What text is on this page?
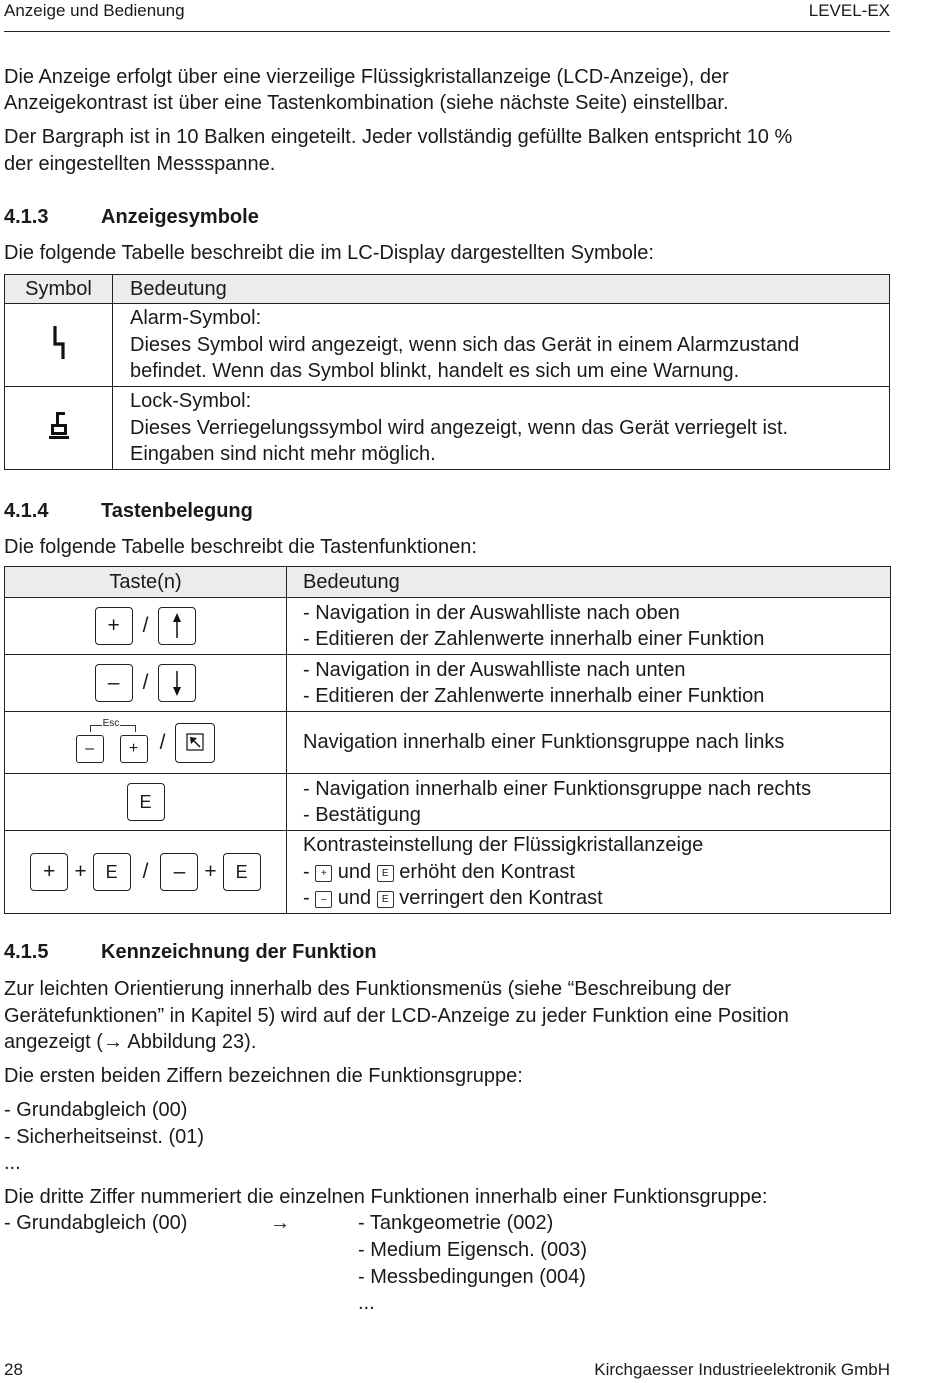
Anzeige und Bedienung	LEVEL-EX
Die Anzeige erfolgt über eine vierzeilige Flüssigkristallanzeige (LCD-Anzeige), der
Anzeigekontrast ist über eine Tastenkombination (siehe nächste Seite) einstellbar.
Der Bargraph ist in 10 Balken eingeteilt. Jeder vollständig gefüllte Balken entspricht 10 %
der eingestellten Messspanne.
4.1.3	Anzeigesymbole
Die folgende Tabelle beschreibt die im LC-Display dargestellten Symbole:
Symbol	Bedeutung

Alarm-Symbol:
Dieses Symbol wird angezeigt, wenn sich das Gerät in einem Alarmzustand
befindet. Wenn das Symbol blinkt, handelt es sich um eine Warnung.

Lock-Symbol:
Dieses Verriegelungssymbol wird angezeigt, wenn das Gerät verriegelt ist.
Eingaben sind nicht mehr möglich.
4.1.4	Tastenbelegung
Die folgende Tabelle beschreibt die Tastenfunktionen:
Taste(n)	Bedeutung
+ /	- Navigation in der Auswahlliste nach oben
- Editieren der Zahlenwerte innerhalb einer Funktion

– /	- Navigation in der Auswahlliste nach unten
- Editieren der Zahlenwerte innerhalb einer Funktion

– +
Esc
/	Navigation innerhalb einer Funktionsgruppe nach links

E	- Navigation innerhalb einer Funktionsgruppe nach rechts
- Bestätigung

+ + E / – + E	Kontrasteinstellung der Flüssigkristallanzeige
- + und E erhöht den Kontrast
- – und E verringert den Kontrast
4.1.5	Kennzeichnung der Funktion
Zur leichten Orientierung innerhalb des Funktionsmenüs (siehe “Beschreibung der
Gerätefunktionen” in Kapitel 5) wird auf der LCD-Anzeige zu jeder Funktion eine Position
angezeigt (→ Abbildung 23).
Die ersten beiden Ziffern bezeichnen die Funktionsgruppe:
- Grundabgleich (00)
- Sicherheitseinst. (01)
...
Die dritte Ziffer nummeriert die einzelnen Funktionen innerhalb einer Funktionsgruppe:
- Grundabgleich (00)	→	- Tankgeometrie (002)
- Medium Eigensch. (003)
- Messbedingungen (004)
...
28	Kirchgaesser Industrieelektronik GmbH
